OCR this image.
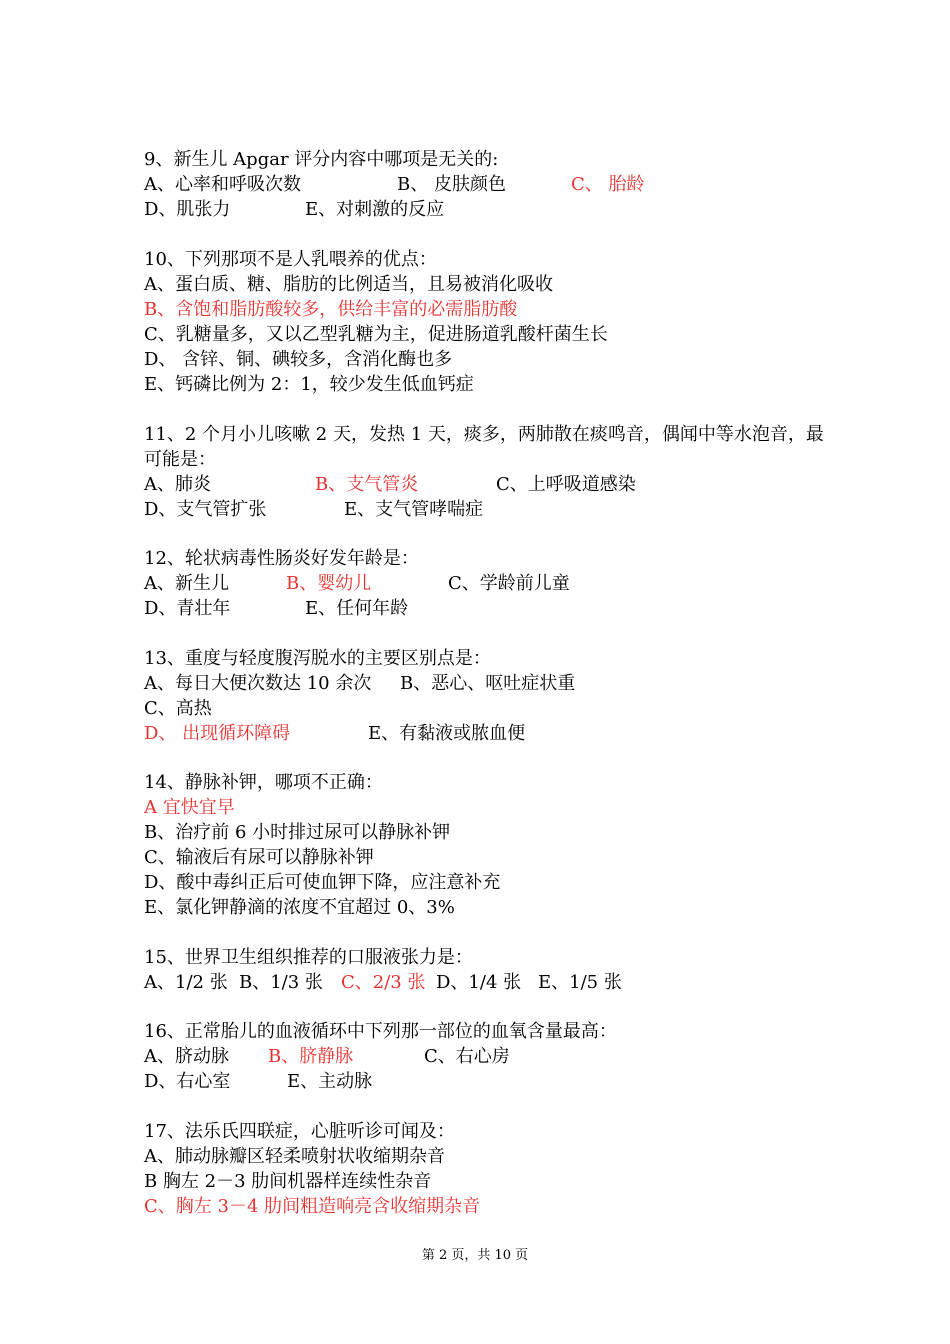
9、新生儿 Apgar 评分内容中哪项是无关的:
A、心率和呼吸次数	B、 皮肤颜色	C、 胎龄
D、肌张力	E、对刺激的反应
10、下列那项不是人乳喂养的优点：
A、蛋白质、糖、脂肪的比例适当，且易被消化吸收
B、含饱和脂肪酸较多，供给丰富的必需脂肪酸
C、乳糖量多，又以乙型乳糖为主，促进肠道乳酸杆菌生长
D、 含锌、铜、碘较多，含消化酶也多
E、钙磷比例为 2：1，较少发生低血钙症
11、2 个月小儿咳嗽 2 天，发热 1 天，痰多，两肺散在痰鸣音，偶闻中等水泡音，最可能是：
A、肺炎	B、支气管炎	C、上呼吸道感染
D、支气管扩张	E、支气管哮喘症
12、轮状病毒性肠炎好发年龄是：
A、新生儿	B、婴幼儿	C、学龄前儿童
D、青壮年	E、任何年龄
13、重度与轻度腹泻脱水的主要区别点是：
A、每日大便次数达 10 余次 B、恶心、呕吐症状重
C、高热
D、 出现循环障碍	E、有黏液或脓血便
14、静脉补钾，哪项不正确：
A 宜快宜早
B、治疗前 6 小时排过尿可以静脉补钾
C、输液后有尿可以静脉补钾
D、酸中毒纠正后可使血钾下降，应注意补充
E、氯化钾静滴的浓度不宜超过 0、3%
15、世界卫生组织推荐的口服液张力是：
A、1/2 张 B、1/3 张 C、2/3 张 D、1/4 张 E、1/5 张
16、正常胎儿的血液循环中下列那一部位的血氧含量最高：
A、脐动脉 B、脐静脉	C、右心房
D、右心室	E、主动脉
17、法乐氏四联症，心脏听诊可闻及：
A、肺动脉瓣区轻柔喷射状收缩期杂音
B 胸左 2－3 肋间机器样连续性杂音
C、胸左 3－4 肋间粗造响亮含收缩期杂音
第 2 页，共 10 页
